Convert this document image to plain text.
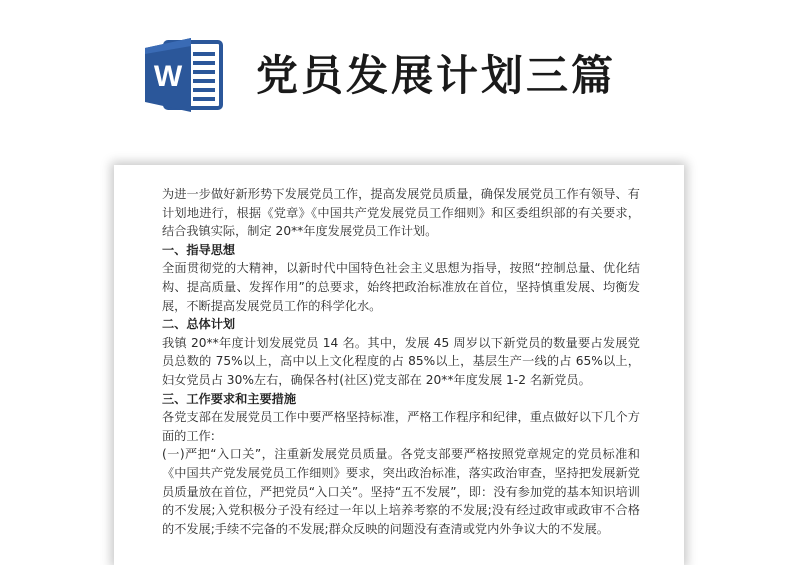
W 党员发展计划三篇

为进一步做好新形势下发展党员工作，提高发展党员质量，确保发展党员工作有领导、有计划地进行，根据《党章》《中国共产党发展党员工作细则》和区委组织部的有关要求，结合我镇实际，制定 20**年度发展党员工作计划。

一、指导思想

全面贯彻党的大精神，以新时代中国特色社会主义思想为指导，按照“控制总量、优化结构、提高质量、发挥作用”的总要求，始终把政治标准放在首位，坚持慎重发展、均衡发展，不断提高发展党员工作的科学化水。

二、总体计划

我镇 20**年度计划发展党员 14 名。其中，发展 45 周岁以下新党员的数量要占发展党员总数的 75%以上，高中以上文化程度的占 85%以上，基层生产一线的占 65%以上，妇女党员占 30%左右，确保各村(社区)党支部在 20**年度发展 1-2 名新党员。

三、工作要求和主要措施

各党支部在发展党员工作中要严格坚持标准，严格工作程序和纪律，重点做好以下几个方面的工作:

(一)严把“入口关”，注重新发展党员质量。各党支部要严格按照党章规定的党员标准和《中国共产党发展党员工作细则》要求，突出政治标准，落实政治审查，坚持把发展新党员质量放在首位，严把党员“入口关”。坚持“五不发展”，即：没有参加党的基本知识培训的不发展;入党积极分子没有经过一年以上培养考察的不发展;没有经过政审或政审不合格的不发展;手续不完备的不发展;群众反映的问题没有查清或党内外争议大的不发展。
